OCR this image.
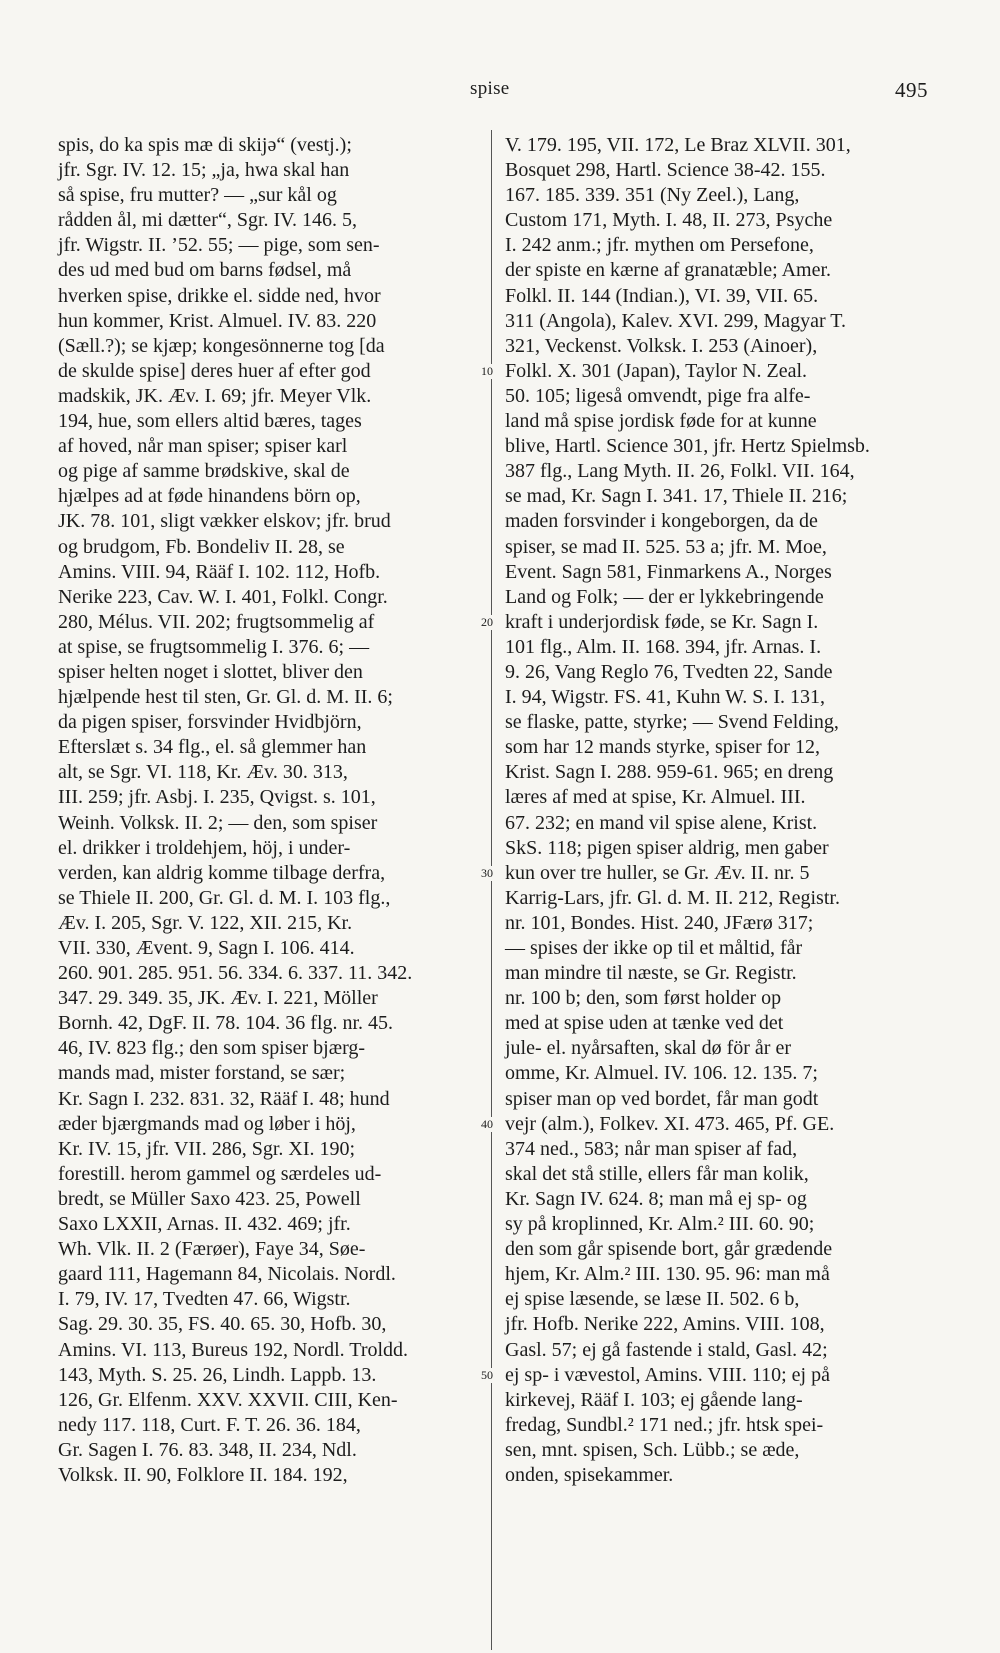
spise	495
spis, do ka spis mæ di skijə“ (vestj.);
jfr. Sgr. IV. 12. 15; „ja, hwa skal han
så spise, fru mutter? — „sur kål og
rådden ål, mi dætter“, Sgr. IV. 146. 5,
jfr. Wigstr. II. ’52. 55; — pige, som sen-
des ud med bud om barns fødsel, må
hverken spise, drikke el. sidde ned, hvor
hun kommer, Krist. Almuel. IV. 83. 220
(Sæll.?); se kjæp; kongesönnerne tog [da
de skulde spise] deres huer af efter god
madskik, JK. Æv. I. 69; jfr. Meyer Vlk.
194, hue, som ellers altid bæres, tages
af hoved, når man spiser; spiser karl
og pige af samme brødskive, skal de
hjælpes ad at føde hinandens börn op,
JK. 78. 101, sligt vækker elskov; jfr. brud
og brudgom, Fb. Bondeliv II. 28, se
Amins. VIII. 94, Rääf I. 102. 112, Hofb.
Nerike 223, Cav. W. I. 401, Folkl. Congr.
280, Mélus. VII. 202; frugtsommelig af
at spise, se frugtsommelig I. 376. 6; —
spiser helten noget i slottet, bliver den
hjælpende hest til sten, Gr. Gl. d. M. II. 6;
da pigen spiser, forsvinder Hvidbjörn,
Efterslæt s. 34 flg., el. så glemmer han
alt, se Sgr. VI. 118, Kr. Æv. 30. 313,
III. 259; jfr. Asbj. I. 235, Qvigst. s. 101,
Weinh. Volksk. II. 2; — den, som spiser
el. drikker i troldehjem, höj, i under-
verden, kan aldrig komme tilbage derfra,
se Thiele II. 200, Gr. Gl. d. M. I. 103 flg.,
Æv. I. 205, Sgr. V. 122, XII. 215, Kr.
VII. 330, Ævent. 9, Sagn I. 106. 414.
260. 901. 285. 951. 56. 334. 6. 337. 11. 342.
347. 29. 349. 35, JK. Æv. I. 221, Möller
Bornh. 42, DgF. II. 78. 104. 36 flg. nr. 45.
46, IV. 823 flg.; den som spiser bjærg-
mands mad, mister forstand, se sær;
Kr. Sagn I. 232. 831. 32, Rääf I. 48; hund
æder bjærgmands mad og løber i höj,
Kr. IV. 15, jfr. VII. 286, Sgr. XI. 190;
forestill. herom gammel og særdeles ud-
bredt, se Müller Saxo 423. 25, Powell
Saxo LXXII, Arnas. II. 432. 469; jfr.
Wh. Vlk. II. 2 (Færøer), Faye 34, Søe-
gaard 111, Hagemann 84, Nicolais. Nordl.
I. 79, IV. 17, Tvedten 47. 66, Wigstr.
Sag. 29. 30. 35, FS. 40. 65. 30, Hofb. 30,
Amins. VI. 113, Bureus 192, Nordl. Troldd.
143, Myth. S. 25. 26, Lindh. Lappb. 13.
126, Gr. Elfenm. XXV. XXVII. CIII, Ken-
nedy 117. 118, Curt. F. T. 26. 36. 184,
Gr. Sagen I. 76. 83. 348, II. 234, Ndl.
Volksk. II. 90, Folklore II. 184. 192,
V. 179. 195, VII. 172, Le Braz XLVII. 301,
Bosquet 298, Hartl. Science 38-42. 155.
167. 185. 339. 351 (Ny Zeel.), Lang,
Custom 171, Myth. I. 48, II. 273, Psyche
I. 242 anm.; jfr. mythen om Persefone,
der spiste en kærne af granatæble; Amer.
Folkl. II. 144 (Indian.), VI. 39, VII. 65.
311 (Angola), Kalev. XVI. 299, Magyar T.
321, Veckenst. Volksk. I. 253 (Ainoer),
Folkl. X. 301 (Japan), Taylor N. Zeal.
50. 105; ligeså omvendt, pige fra alfe-
land må spise jordisk føde for at kunne
blive, Hartl. Science 301, jfr. Hertz Spielmsb.
387 flg., Lang Myth. II. 26, Folkl. VII. 164,
se mad, Kr. Sagn I. 341. 17, Thiele II. 216;
maden forsvinder i kongeborgen, da de
spiser, se mad II. 525. 53 a; jfr. M. Moe,
Event. Sagn 581, Finmarkens A., Norges
Land og Folk; — der er lykkebringende
kraft i underjordisk føde, se Kr. Sagn I.
101 flg., Alm. II. 168. 394, jfr. Arnas. I.
9. 26, Vang Reglo 76, Tvedten 22, Sande
I. 94, Wigstr. FS. 41, Kuhn W. S. I. 131,
se flaske, patte, styrke; — Svend Felding,
som har 12 mands styrke, spiser for 12,
Krist. Sagn I. 288. 959-61. 965; en dreng
læres af med at spise, Kr. Almuel. III.
67. 232; en mand vil spise alene, Krist.
SkS. 118; pigen spiser aldrig, men gaber
kun over tre huller, se Gr. Æv. II. nr. 5
Karrig-Lars, jfr. Gl. d. M. II. 212, Registr.
nr. 101, Bondes. Hist. 240, JFærø 317;
— spises der ikke op til et måltid, får
man mindre til næste, se Gr. Registr.
nr. 100 b; den, som først holder op
med at spise uden at tænke ved det
jule- el. nyårsaften, skal dø för år er
omme, Kr. Almuel. IV. 106. 12. 135. 7;
spiser man op ved bordet, får man godt
vejr (alm.), Folkev. XI. 473. 465, Pf. GE.
374 ned., 583; når man spiser af fad,
skal det stå stille, ellers får man kolik,
Kr. Sagn IV. 624. 8; man må ej sp- og
sy på kroplinned, Kr. Alm.² III. 60. 90;
den som går spisende bort, går grædende
hjem, Kr. Alm.² III. 130. 95. 96: man må
ej spise læsende, se læse II. 502. 6 b,
jfr. Hofb. Nerike 222, Amins. VIII. 108,
Gasl. 57; ej gå fastende i stald, Gasl. 42;
ej sp- i vævestol, Amins. VIII. 110; ej på
kirkevej, Rääf I. 103; ej gående lang-
fredag, Sundbl.² 171 ned.; jfr. htsk spei-
sen, mnt. spisen, Sch. Lübb.; se æde,
onden, spisekammer.
10
20
30
40
50
